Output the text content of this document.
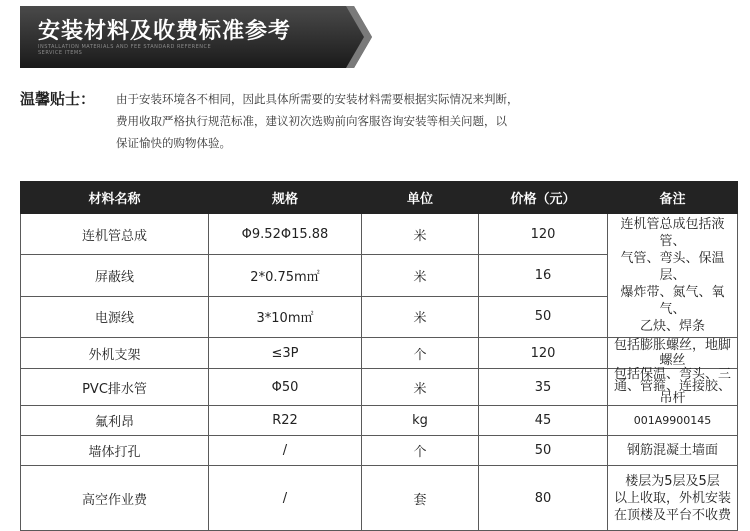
安装材料及收费标准参考
INSTALLATION MATERIALS AND FEE STANDARD REFERENCE
SERVICE ITEMS
温馨贴士： 由于安装环境各不相同，因此具体所需要的安装材料需要根据实际情况来判断，
费用收取严格执行规范标准，建议初次选购前向客服咨询安装等相关问题，以
保证愉快的购物体验。
材料名称	规格	单位	价格（元）	备注
连机管总成	Φ9.52Φ15.88	米	120	连机管总成包括液管、
气管、弯头、保温层、
爆炸带、氮气、氧气、
乙炔、焊条

屏蔽线	2*0.75m㎡	米	16	
电源线	3*10m㎡	米	50	
外机支架	≤3P	个	120	包括膨胀螺丝，地脚螺丝
PVC排水管	Φ50	米	35	包括保温、弯头、三通、管箍、连接胶、吊杆
氟利昂	R22	kg	45	001A9900145
墙体打孔	/	个	50	钢筋混凝土墙面
高空作业费	/	套	80	楼层为5层及5层
以上收取，外机安装
在顶楼及平台不收费
